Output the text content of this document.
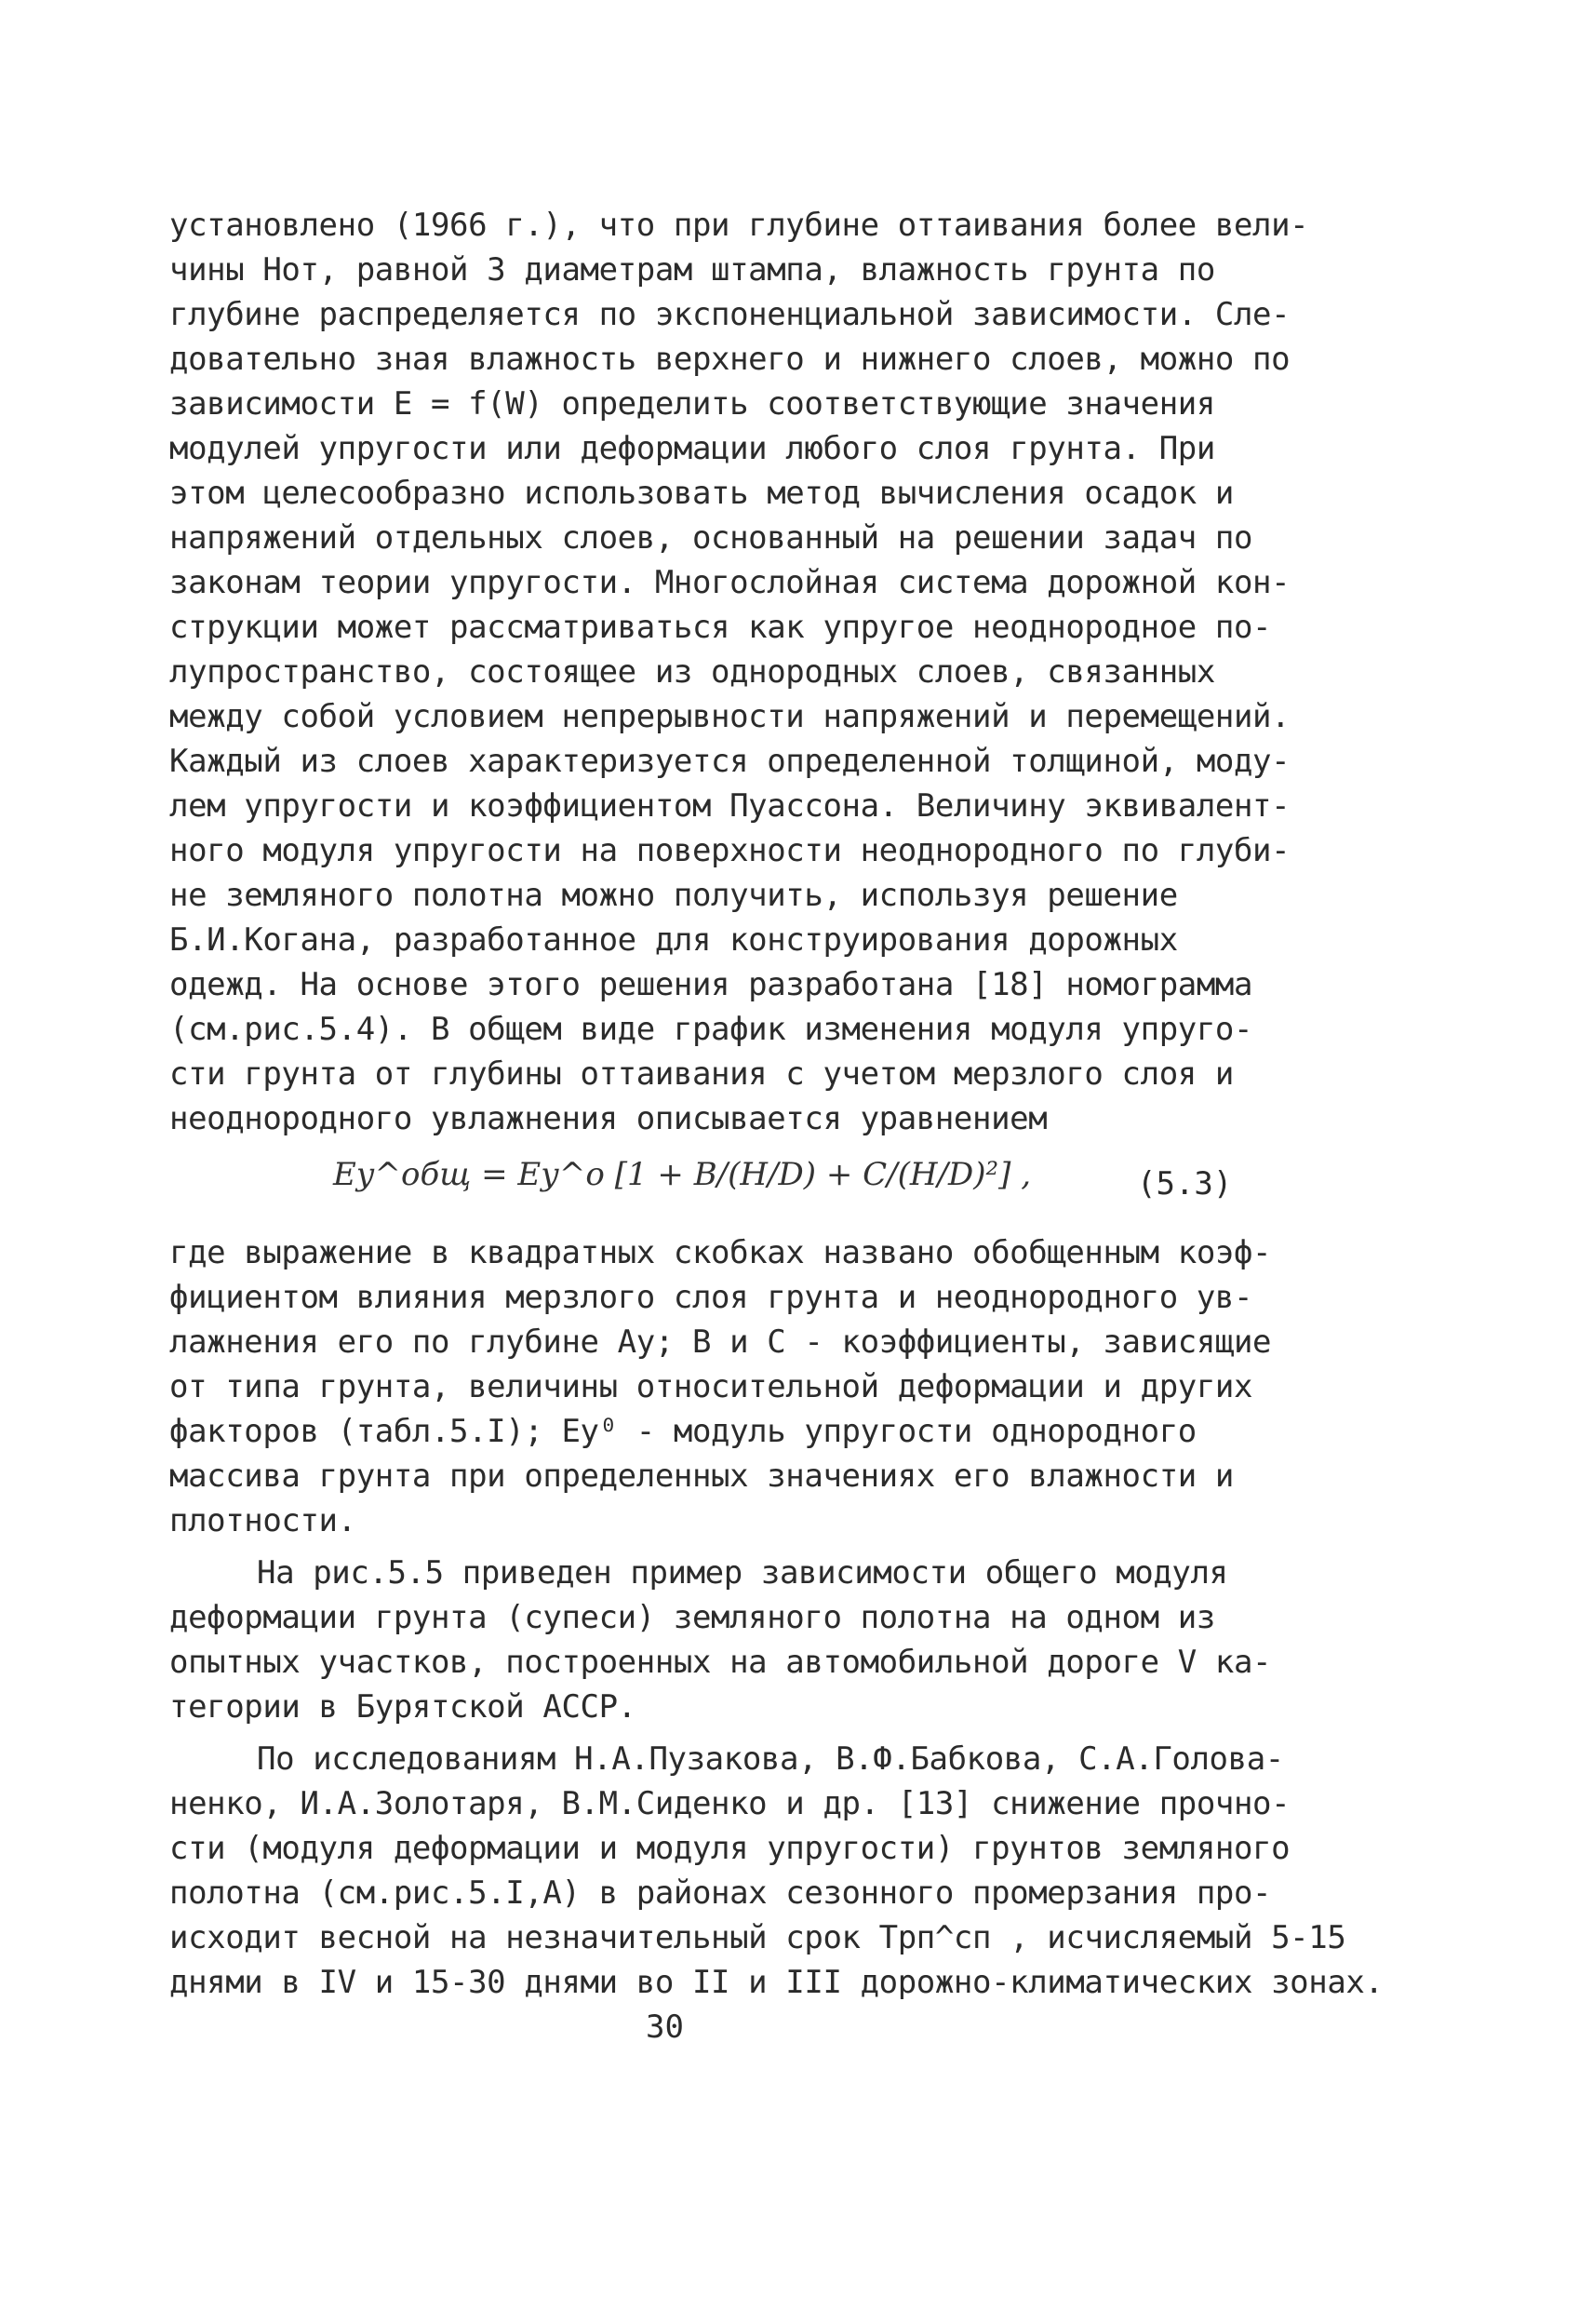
установлено (1966 г.), что при глубине оттаивания более вели-
чины Hот, равной 3 диаметрам штампа, влажность грунта по
глубине распределяется по экспоненциальной зависимости. Сле-
довательно зная влажность верхнего и нижнего слоев, можно по
зависимости E = f(W) определить соответствующие значения
модулей упругости или деформации любого слоя грунта. При
этом целесообразно использовать метод вычисления осадок и
напряжений отдельных слоев, основанный на решении задач по
законам теории упругости. Многослойная система дорожной кон-
струкции может рассматриваться как упругое неоднородное по-
лупространство, состоящее из однородных слоев, связанных
между собой условием непрерывности напряжений и перемещений.
Каждый из слоев характеризуется определенной толщиной, моду-
лем упругости и коэффициентом Пуассона. Величину эквивалент-
ного модуля упругости на поверхности неоднородного по глуби-
не земляного полотна можно получить, используя решение
Б.И.Когана, разработанное для конструирования дорожных
одежд. На основе этого решения разработана [18] номограмма
(см.рис.5.4). В общем виде график изменения модуля упруго-
сти грунта от глубины оттаивания с учетом мерзлого слоя и
неоднородного увлажнения описывается уравнением
Eу^общ = Eу^о [1 + B/(H/D) + C/(H/D)²] ,	(5.3)
где выражение в квадратных скобках названо обобщенным коэф-
фициентом влияния мерзлого слоя грунта и неоднородного ув-
лажнения его по глубине Aу; B и C - коэффициенты, зависящие
от типа грунта, величины относительной деформации и других
факторов (табл.5.I); Eу⁰ - модуль упругости однородного
массива грунта при определенных значениях его влажности и
плотности.
На рис.5.5 приведен пример зависимости общего модуля
деформации грунта (супеси) земляного полотна на одном из
опытных участков, построенных на автомобильной дороге V ка-
тегории в Бурятской АССР.
По исследованиям Н.А.Пузакова, В.Ф.Бабкова, С.А.Голова-
ненко, И.А.Золотаря, В.М.Сиденко и др. [13] снижение прочно-
сти (модуля деформации и модуля упругости) грунтов земляного
полотна (см.рис.5.I,А) в районах сезонного промерзания про-
исходит весной на незначительный срок Tрп^сп , исчисляемый 5-15
днями в IV и 15-30 днями во II и III дорожно-климатических зонах.
30
